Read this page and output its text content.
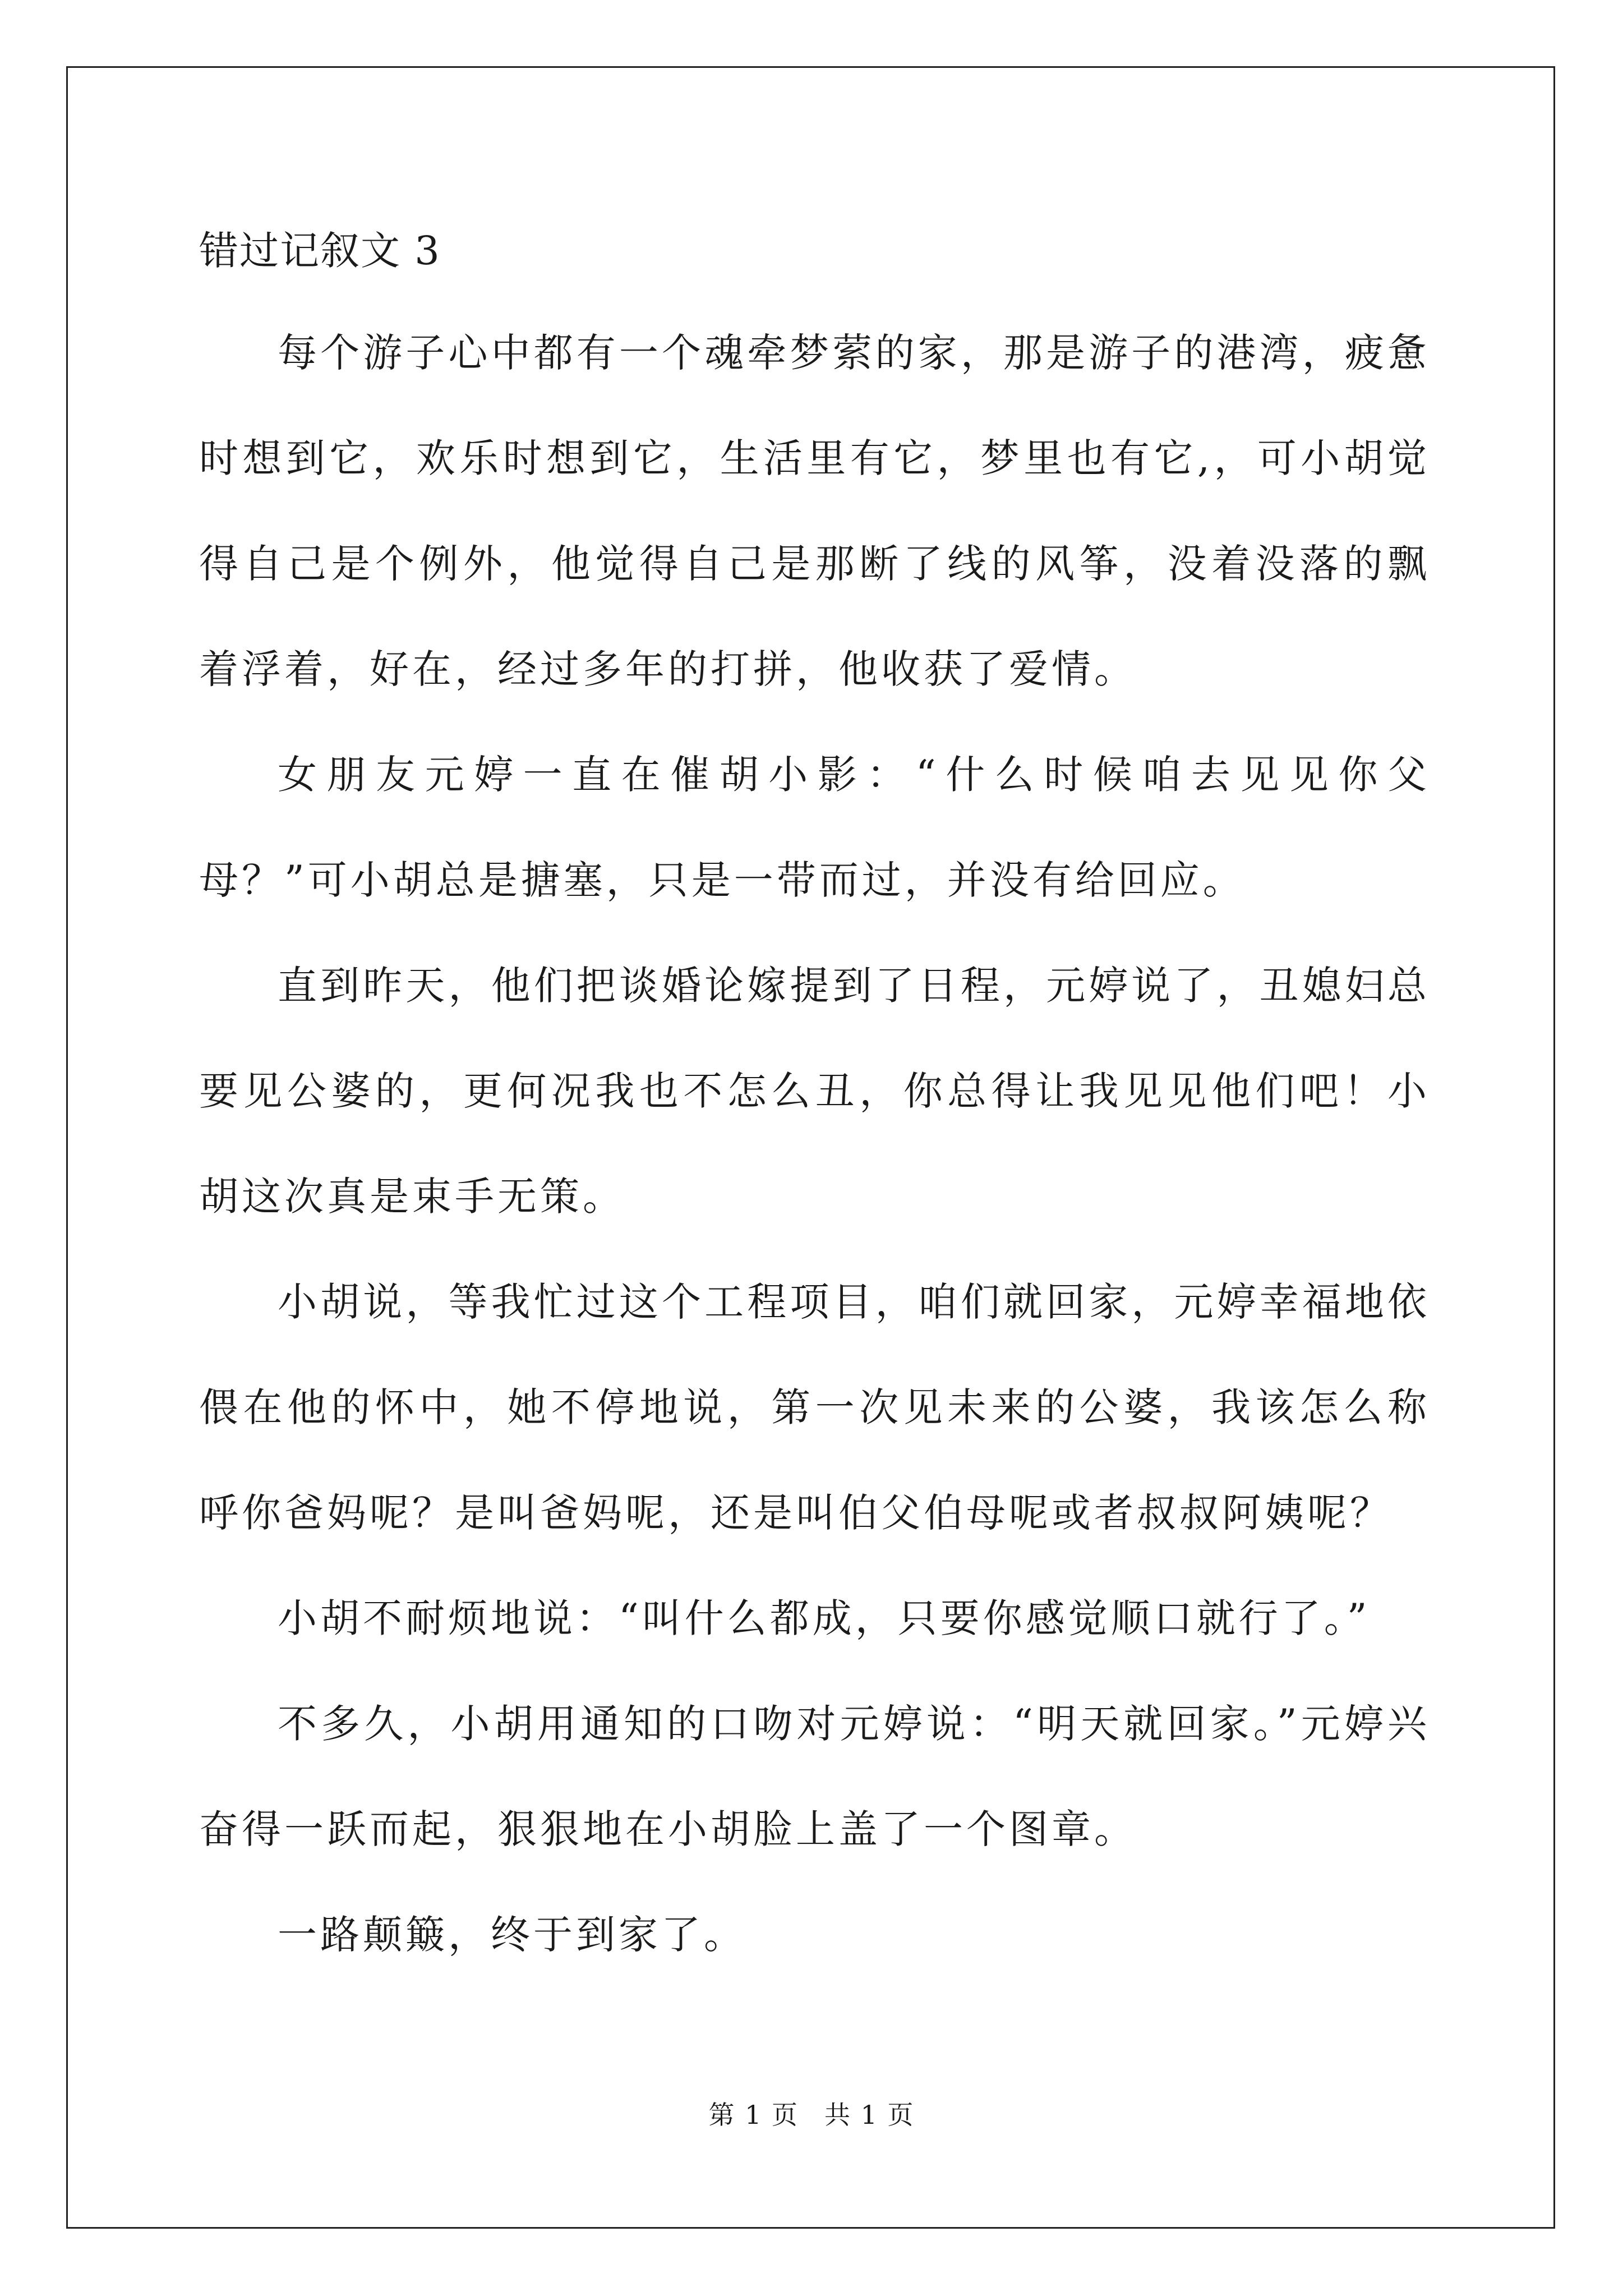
错过记叙文 3

每个游子心中都有一个魂牵梦萦的家，那是游子的港湾，疲惫时想到它，欢乐时想到它，生活里有它，梦里也有它,，可小胡觉得自己是个例外，他觉得自己是那断了线的风筝，没着没落的飘着浮着，好在，经过多年的打拼，他收获了爱情。

女朋友元婷一直在催胡小影：“什么时候咱去见见你父母？”可小胡总是搪塞，只是一带而过，并没有给回应。

直到昨天，他们把谈婚论嫁提到了日程，元婷说了，丑媳妇总要见公婆的，更何况我也不怎么丑，你总得让我见见他们吧！小胡这次真是束手无策。

小胡说，等我忙过这个工程项目，咱们就回家，元婷幸福地依偎在他的怀中，她不停地说，第一次见未来的公婆，我该怎么称呼你爸妈呢？是叫爸妈呢，还是叫伯父伯母呢或者叔叔阿姨呢？

小胡不耐烦地说：“叫什么都成，只要你感觉顺口就行了。”

不多久，小胡用通知的口吻对元婷说：“明天就回家。”元婷兴奋得一跃而起，狠狠地在小胡脸上盖了一个图章。

一路颠簸，终于到家了。

第 1 页 共 1 页
